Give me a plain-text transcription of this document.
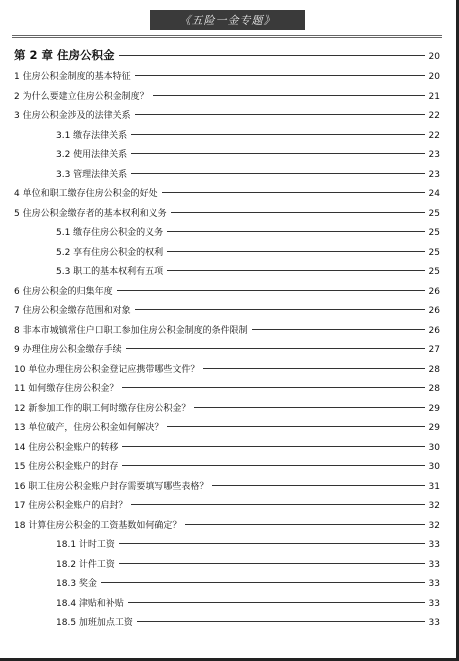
《五险一金专题》
第 2 章 住房公积金	20
1 住房公积金制度的基本特征	20
2 为什么要建立住房公积金制度？	21
3 住房公积金涉及的法律关系	22
3.1 缴存法律关系	22
3.2 使用法律关系	23
3.3 管理法律关系	23
4 单位和职工缴存住房公积金的好处	24
5 住房公积金缴存者的基本权利和义务	25
5.1 缴存住房公积金的义务	25
5.2 享有住房公积金的权利	25
5.3 职工的基本权利有五项	25
6 住房公积金的归集年度	26
7 住房公积金缴存范围和对象	26
8 非本市城镇常住户口职工参加住房公积金制度的条件限制	26
9 办理住房公积金缴存手续	27
10 单位办理住房公积金登记应携带哪些文件？	28
11 如何缴存住房公积金？	28
12 新参加工作的职工何时缴存住房公积金？	29
13 单位破产，住房公积金如何解决？	29
14 住房公积金账户的转移	30
15 住房公积金账户的封存	30
16 职工住房公积金账户封存需要填写哪些表格？	31
17 住房公积金账户的启封？	32
18 计算住房公积金的工资基数如何确定？	32
18.1 计时工资	33
18.2 计件工资	33
18.3 奖金	33
18.4 津贴和补贴	33
18.5 加班加点工资	33
